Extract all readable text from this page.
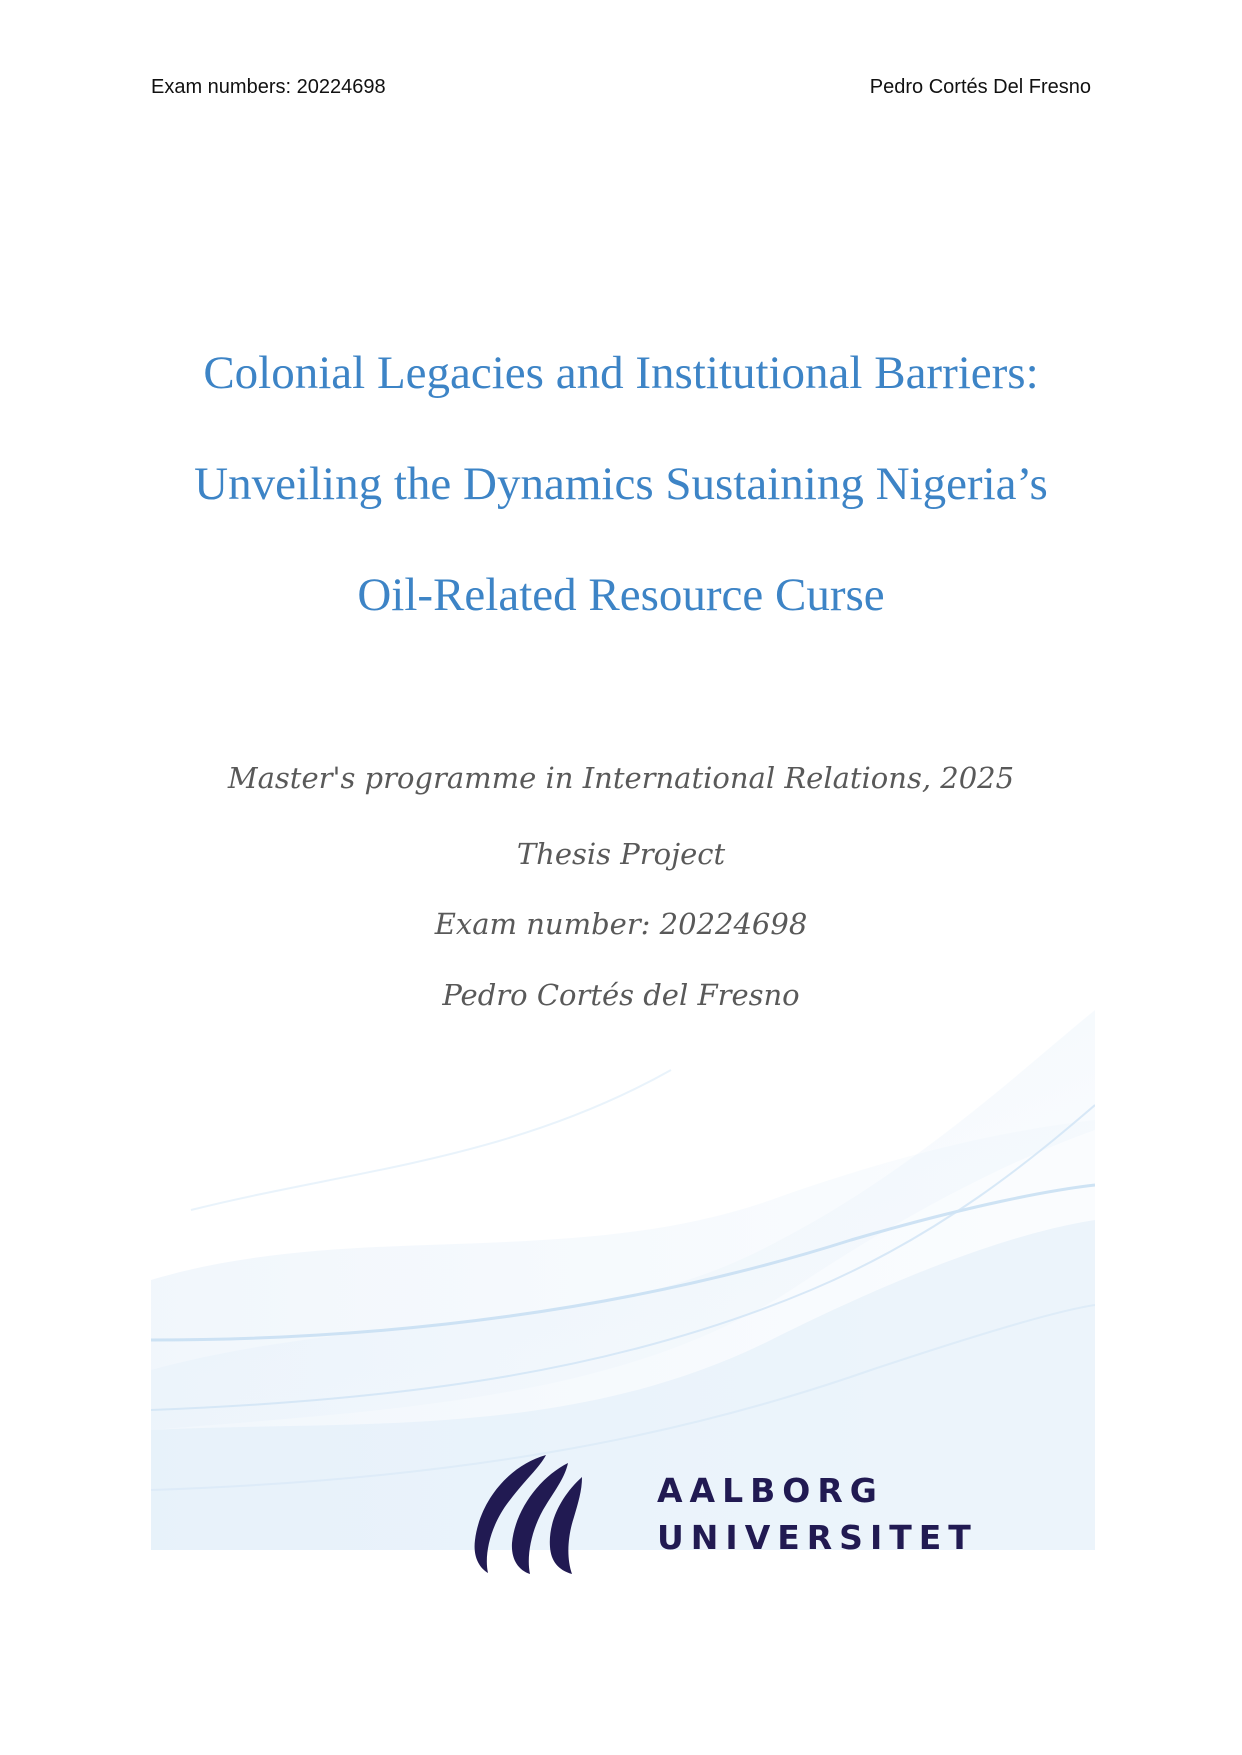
Exam numbers: 20224698	Pedro Cortés Del Fresno
Colonial Legacies and Institutional Barriers:
Unveiling the Dynamics Sustaining Nigeria’s
Oil-Related Resource Curse
Master's programme in International Relations, 2025
Thesis Project
Exam number: 20224698
Pedro Cortés del Fresno
AALBORG
UNIVERSITET
